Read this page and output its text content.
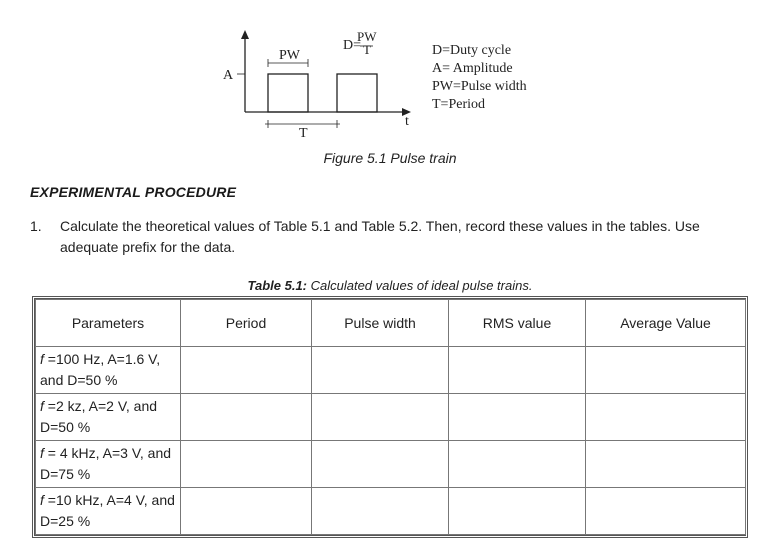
PW
A
T
t
D=
PW
T	D=Duty cycle
A= Amplitude
PW=Pulse width
T=Period
Figure 5.1 Pulse train
EXPERIMENTAL PROCEDURE
1. Calculate the theoretical values of Table 5.1 and Table 5.2. Then, record these values in the tables. Use adequate prefix for the data.
Table 5.1: Calculated values of ideal pulse trains.
Parameters	Period	Pulse width	RMS value	Average Value
f =100 Hz, A=1.6 V, and D=50 %				
f =2 kz, A=2 V, and D=50 %				
f = 4 kHz, A=3 V, and D=75 %				
f =10 kHz, A=4 V, and D=25 %				
